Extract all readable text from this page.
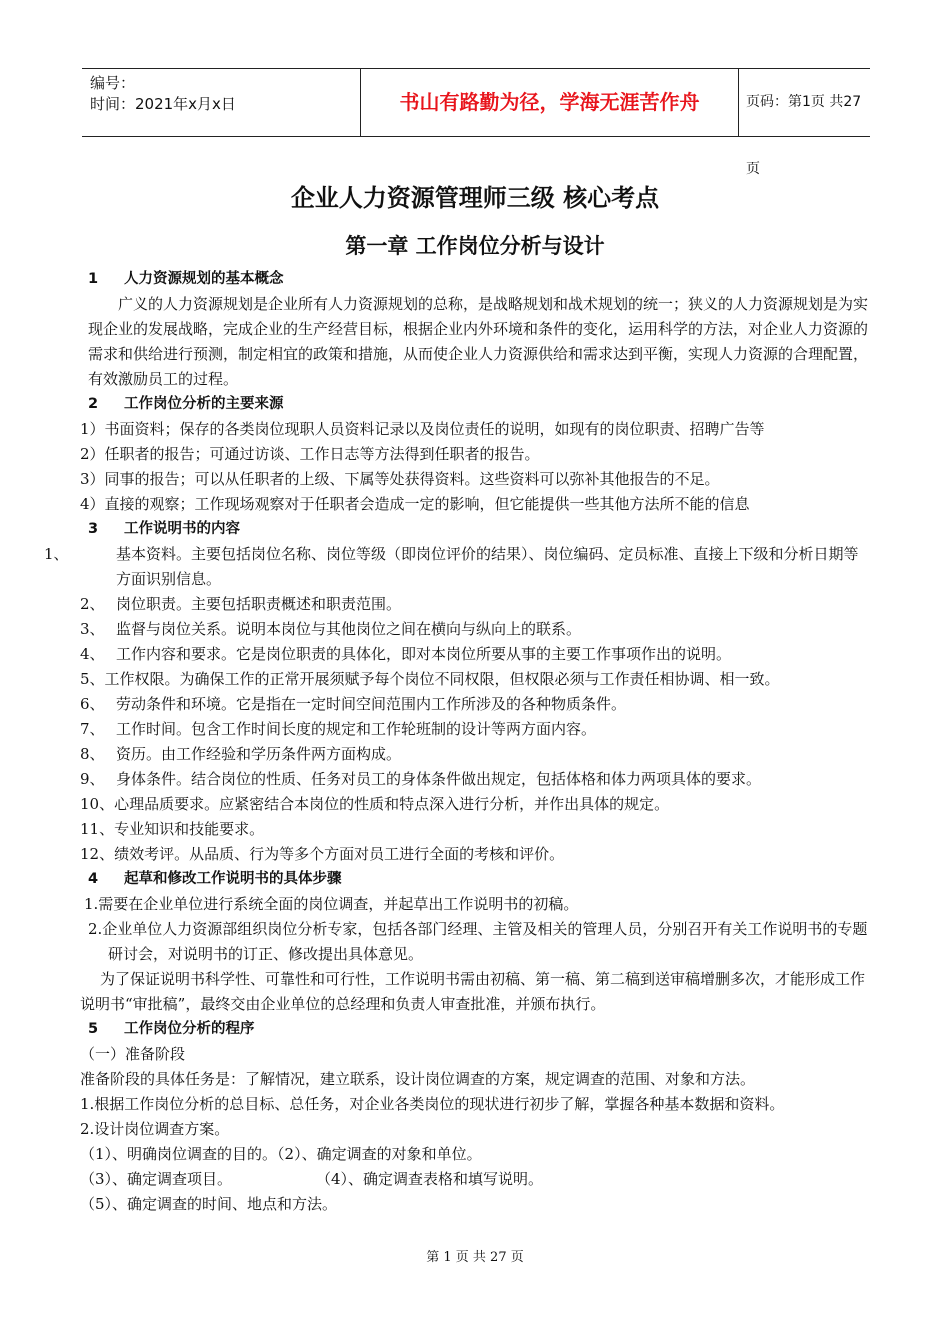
编号：
时间：2021年x月x日	书山有路勤为径，学海无涯苦作舟	页码：第1页 共27页
企业人力资源管理师三级 核心考点
第一章 工作岗位分析与设计

1 人力资源规划的基本概念

广义的人力资源规划是企业所有人力资源规划的总称，是战略规划和战术规划的统一；狭义的人力资源规划是为实现企业的发展战略，完成企业的生产经营目标，根据企业内外环境和条件的变化，运用科学的方法，对企业人力资源的需求和供给进行预测，制定相宜的政策和措施，从而使企业人力资源供给和需求达到平衡，实现人力资源的合理配置，有效激励员工的过程。

2 工作岗位分析的主要来源

1）书面资料；保存的各类岗位现职人员资料记录以及岗位责任的说明，如现有的岗位职责、招聘广告等

2）任职者的报告；可通过访谈、工作日志等方法得到任职者的报告。

3）同事的报告；可以从任职者的上级、下属等处获得资料。这些资料可以弥补其他报告的不足。

4）直接的观察；工作现场观察对于任职者会造成一定的影响，但它能提供一些其他方法所不能的信息

3 工作说明书的内容

1、	基本资料。主要包括岗位名称、岗位等级（即岗位评价的结果）、岗位编码、定员标准、直接上下级和分析日期等方面识别信息。

2、 岗位职责。主要包括职责概述和职责范围。

3、 监督与岗位关系。说明本岗位与其他岗位之间在横向与纵向上的联系。

4、 工作内容和要求。它是岗位职责的具体化，即对本岗位所要从事的主要工作事项作出的说明。

5、工作权限。为确保工作的正常开展须赋予每个岗位不同权限，但权限必须与工作责任相协调、相一致。

6、 劳动条件和环境。它是指在一定时间空间范围内工作所涉及的各种物质条件。

7、 工作时间。包含工作时间长度的规定和工作轮班制的设计等两方面内容。

8、 资历。由工作经验和学历条件两方面构成。

9、 身体条件。结合岗位的性质、任务对员工的身体条件做出规定，包括体格和体力两项具体的要求。

10、心理品质要求。应紧密结合本岗位的性质和特点深入进行分析，并作出具体的规定。

11、专业知识和技能要求。

12、绩效考评。从品质、行为等多个方面对员工进行全面的考核和评价。

4 起草和修改工作说明书的具体步骤

1.需要在企业单位进行系统全面的岗位调查，并起草出工作说明书的初稿。

2.企业单位人力资源部组织岗位分析专家，包括各部门经理、主管及相关的管理人员，分别召开有关工作说明书的专题研讨会，对说明书的订正、修改提出具体意见。

为了保证说明书科学性、可靠性和可行性，工作说明书需由初稿、第一稿、第二稿到送审稿增删多次，才能形成工作说明书“审批稿”，最终交由企业单位的总经理和负责人审查批准，并颁布执行。

5 工作岗位分析的程序

（一）准备阶段

准备阶段的具体任务是：了解情况，建立联系，设计岗位调查的方案，规定调查的范围、对象和方法。

1.根据工作岗位分析的总目标、总任务，对企业各类岗位的现状进行初步了解，掌握各种基本数据和资料。

2.设计岗位调查方案。

（1）、明确岗位调查的目的。（2）、确定调查的对象和单位。

（3）、确定调查项目。	（4）、确定调查表格和填写说明。

（5）、确定调查的时间、地点和方法。

第 1 页 共 27 页
